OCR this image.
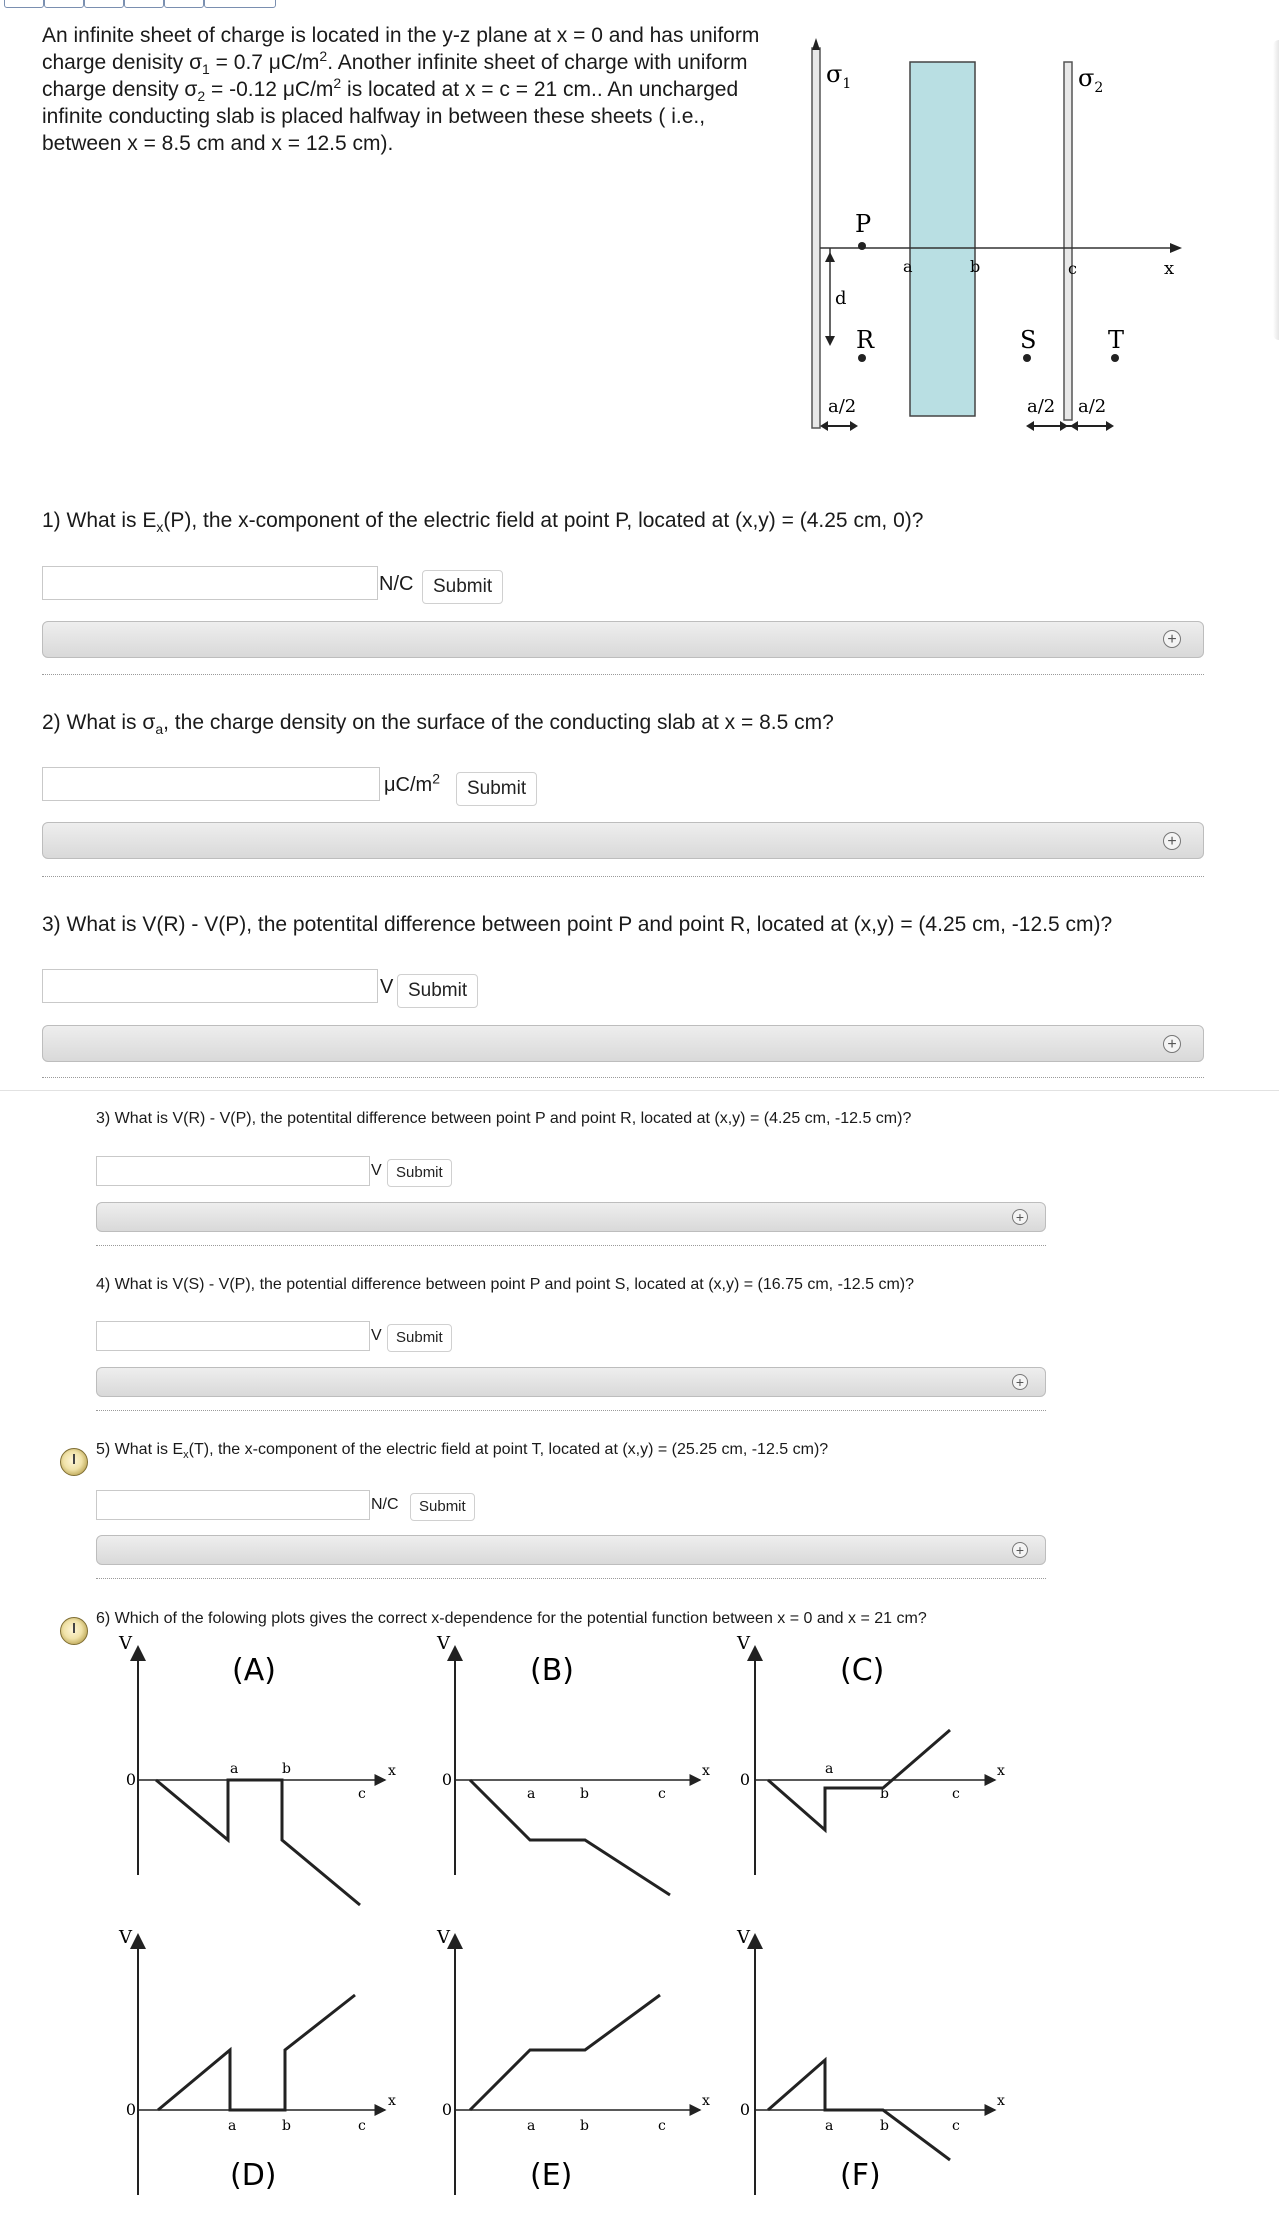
An infinite sheet of charge is located in the y-z plane at x = 0 and has uniform
charge denisity $\sigma_1 = 0.7$ $\mu C/m^2$. Another infinite sheet of charge with uniform
charge density $\sigma_2 = -0.12$ $\mu C/m^2$ is located at x = c = 21 cm.. An uncharged
infinite conducting slab is placed halfway in between these sheets ( i.e.,
between x = 8.5 cm and x = 12.5 cm).
$\sigma_1$	$\sigma_2$
x
a	b	c
P
d
R	S	T
a/2	a/2 a/2
1) What is $E_x(P)$, the x-component of the electric field at point P, located at (x,y) = (4.25 cm, 0)?
N/C	Submit
+
2) What is $\sigma_a$, the charge density on the surface of the conducting slab at x = 8.5 cm?
$\mu C/m^2$	Submit
+
3) What is V(R) - V(P), the potentital difference between point P and point R, located at (x,y) = (4.25 cm, -12.5 cm)?
V Submit
+
3) What is V(R) - V(P), the potentital difference between point P and point R, located at (x,y) = (4.25 cm, -12.5 cm)?
V Submit
+
4) What is V(S) - V(P), the potential difference between point P and point S, located at (x,y) = (16.75 cm, -12.5 cm)?
V Submit
+
5) What is $E_x(T)$, the x-component of the electric field at point T, located at (x,y) = (25.25 cm, -12.5 cm)?
N/C	Submit
+
6) Which of the folowing plots gives the correct x-dependence for the potential function between x = 0 and x = 21 cm?
V
0	x
a	b
c
(A)
V
0	x
a	b	c
(B)
V
0	x
a
b	c
(C)
V
0	x
a	b	c
(D)
V
0	x
a	b	c
(E)
V
0	x
a	b	c
(F)
